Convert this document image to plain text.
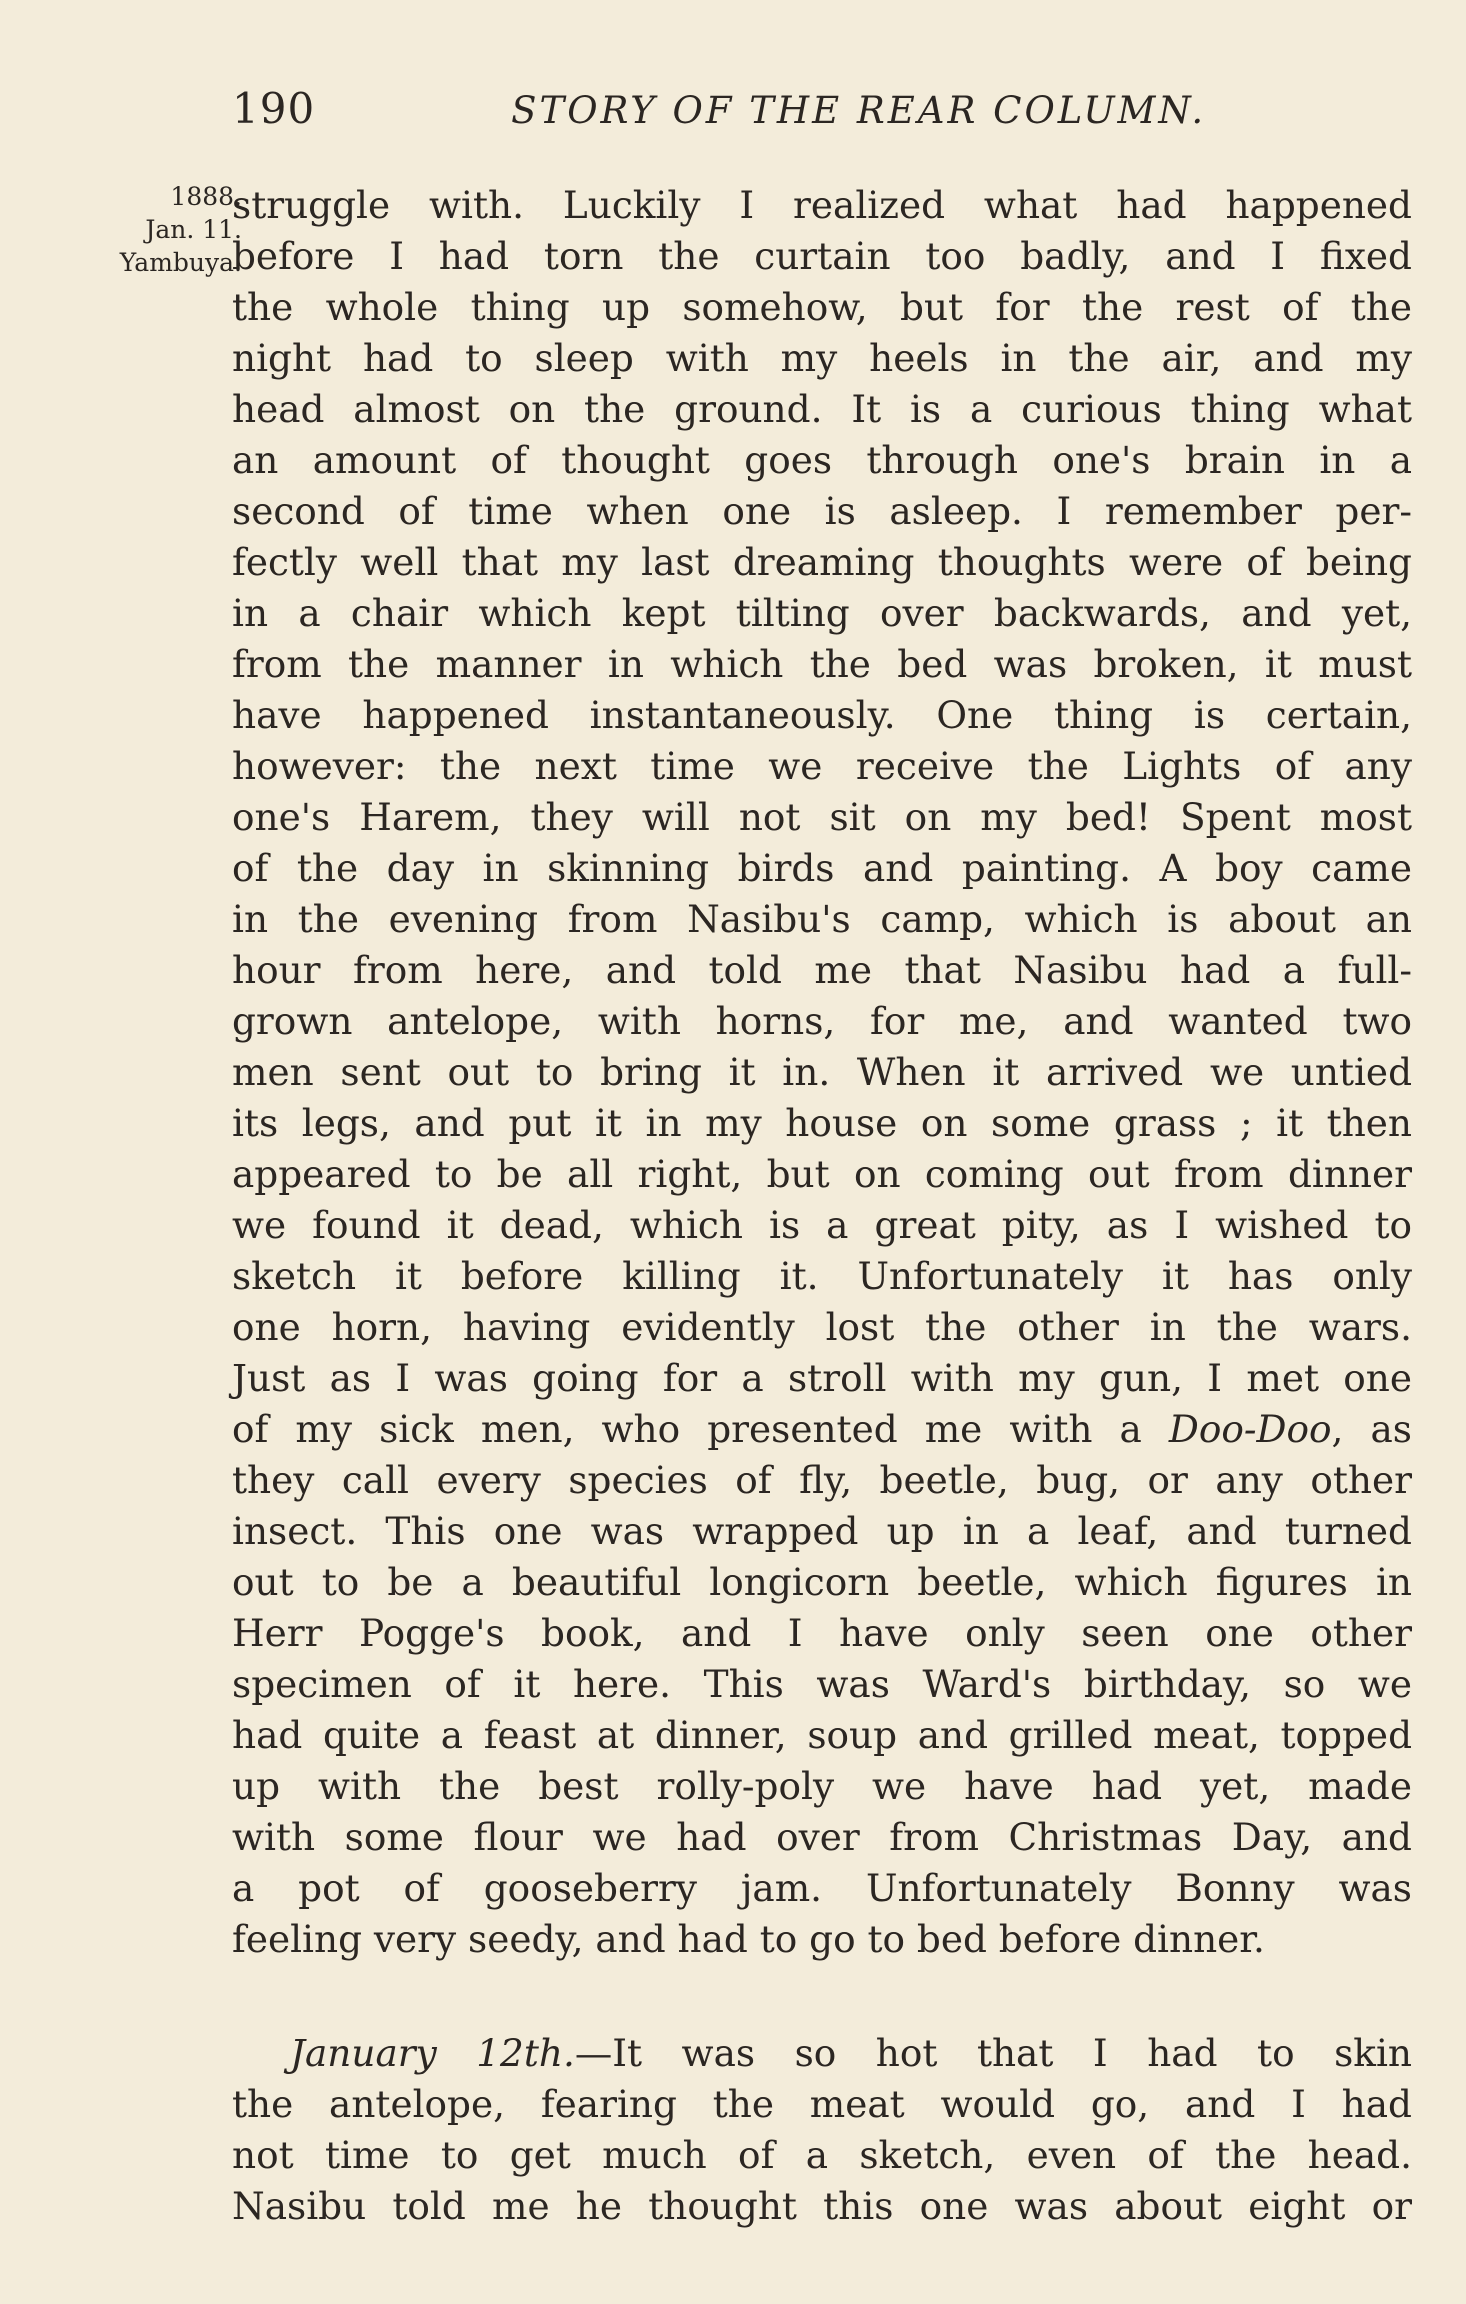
190	STORY OF THE REAR COLUMN.
1888.
Jan. 11.
Yambuya.
struggle with. Luckily I realized what had happened
before I had torn the curtain too badly, and I fixed
the whole thing up somehow, but for the rest of the
night had to sleep with my heels in the air, and my
head almost on the ground. It is a curious thing what
an amount of thought goes through one's brain in a
second of time when one is asleep. I remember per-
fectly well that my last dreaming thoughts were of being
in a chair which kept tilting over backwards, and yet,
from the manner in which the bed was broken, it must
have happened instantaneously. One thing is certain,
however: the next time we receive the Lights of any
one's Harem, they will not sit on my bed! Spent most
of the day in skinning birds and painting. A boy came
in the evening from Nasibu's camp, which is about an
hour from here, and told me that Nasibu had a full-
grown antelope, with horns, for me, and wanted two
men sent out to bring it in. When it arrived we untied
its legs, and put it in my house on some grass ; it then
appeared to be all right, but on coming out from dinner
we found it dead, which is a great pity, as I wished to
sketch it before killing it. Unfortunately it has only
one horn, having evidently lost the other in the wars.
Just as I was going for a stroll with my gun, I met one
of my sick men, who presented me with a Doo-Doo, as
they call every species of fly, beetle, bug, or any other
insect. This one was wrapped up in a leaf, and turned
out to be a beautiful longicorn beetle, which figures in
Herr Pogge's book, and I have only seen one other
specimen of it here. This was Ward's birthday, so we
had quite a feast at dinner, soup and grilled meat, topped
up with the best rolly-poly we have had yet, made
with some flour we had over from Christmas Day, and
a pot of gooseberry jam. Unfortunately Bonny was
feeling very seedy, and had to go to bed before dinner.
January 12th.—It was so hot that I had to skin
the antelope, fearing the meat would go, and I had
not time to get much of a sketch, even of the head.
Nasibu told me he thought this one was about eight or
